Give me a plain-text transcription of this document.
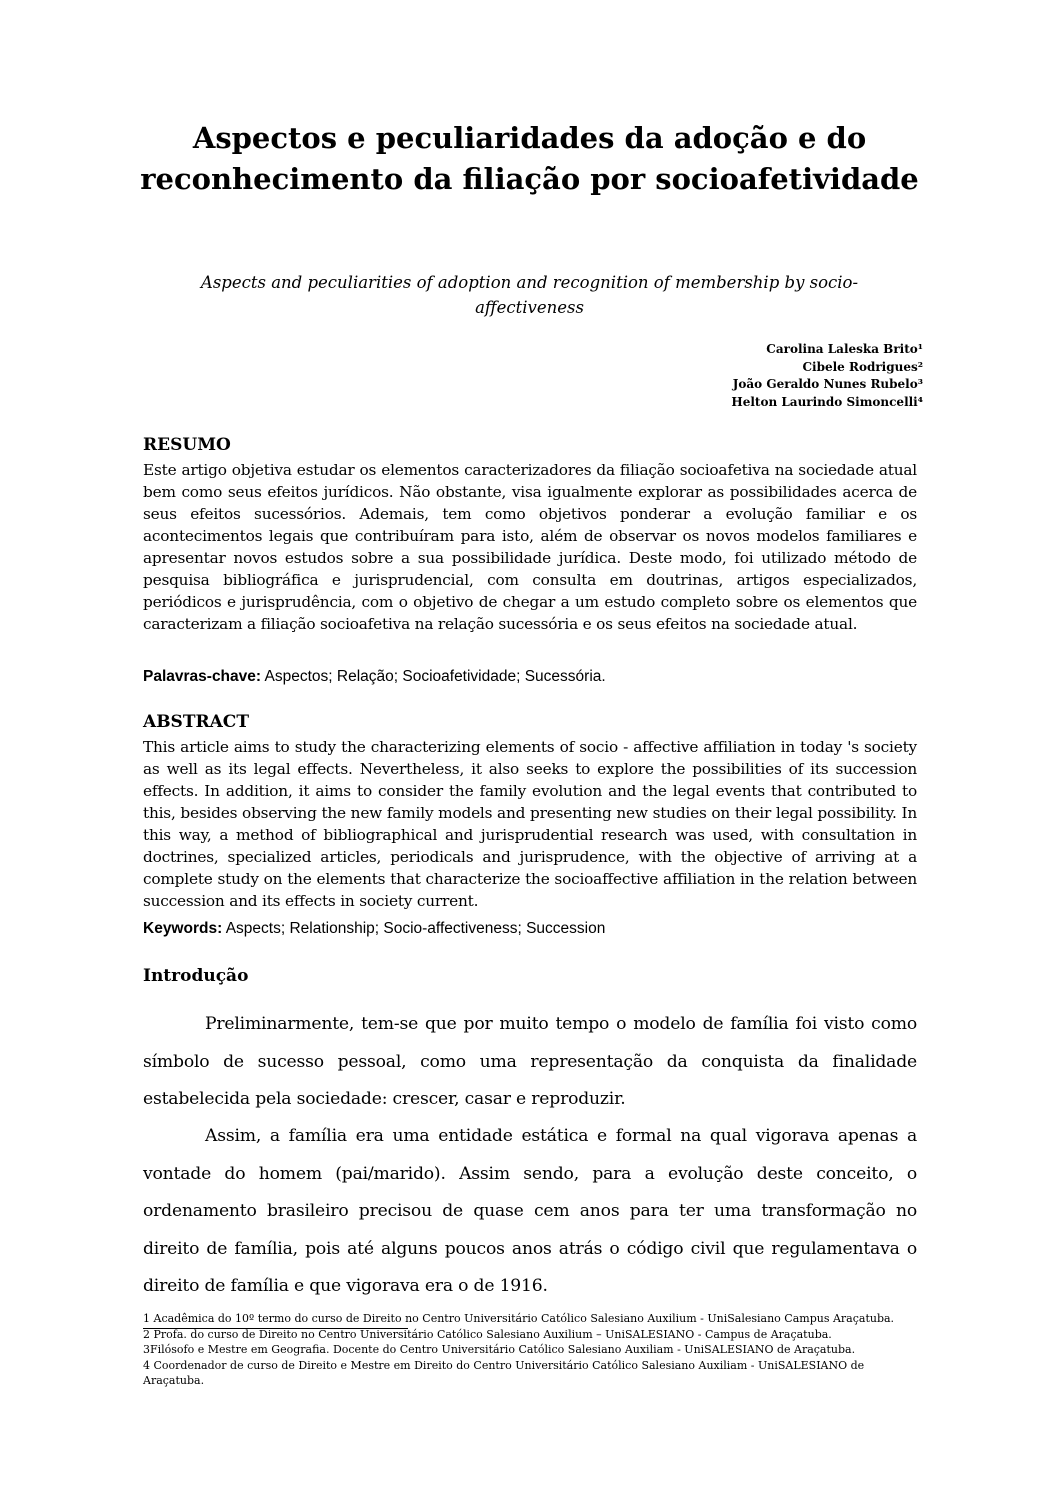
Aspectos e peculiaridades da adoção e do reconhecimento da filiação por socioafetividade

Aspects and peculiarities of adoption and recognition of membership by socio-affectiveness

Carolina Laleska Brito¹
Cibele Rodrigues²
João Geraldo Nunes Rubelo³
Helton Laurindo Simoncelli⁴
RESUMO

Este artigo objetiva estudar os elementos caracterizadores da filiação socioafetiva na sociedade atual bem como seus efeitos jurídicos. Não obstante, visa igualmente explorar as possibilidades acerca de seus efeitos sucessórios. Ademais, tem como objetivos ponderar a evolução familiar e os acontecimentos legais que contribuíram para isto, além de observar os novos modelos familiares e apresentar novos estudos sobre a sua possibilidade jurídica. Deste modo, foi utilizado método de pesquisa bibliográfica e jurisprudencial, com consulta em doutrinas, artigos especializados, periódicos e jurisprudência, com o objetivo de chegar a um estudo completo sobre os elementos que caracterizam a filiação socioafetiva na relação sucessória e os seus efeitos na sociedade atual.

Palavras-chave: Aspectos; Relação; Socioafetividade; Sucessória.

ABSTRACT

This article aims to study the characterizing elements of socio - affective affiliation in today 's society as well as its legal effects. Nevertheless, it also seeks to explore the possibilities of its succession effects. In addition, it aims to consider the family evolution and the legal events that contributed to this, besides observing the new family models and presenting new studies on their legal possibility. In this way, a method of bibliographical and jurisprudential research was used, with consultation in doctrines, specialized articles, periodicals and jurisprudence, with the objective of arriving at a complete study on the elements that characterize the socioaffective affiliation in the relation between succession and its effects in society current.

Keywords: Aspects; Relationship; Socio-affectiveness; Succession

Introdução

Preliminarmente, tem-se que por muito tempo o modelo de família foi visto como símbolo de sucesso pessoal, como uma representação da conquista da finalidade estabelecida pela sociedade: crescer, casar e reproduzir.

Assim, a família era uma entidade estática e formal na qual vigorava apenas a vontade do homem (pai/marido). Assim sendo, para a evolução deste conceito, o ordenamento brasileiro precisou de quase cem anos para ter uma transformação no direito de família, pois até alguns poucos anos atrás o código civil que regulamentava o direito de família e que vigorava era o de 1916.

1 Acadêmica do 10º termo do curso de Direito no Centro Universitário Católico Salesiano Auxilium - UniSalesiano Campus Araçatuba.
2 Profa. do curso de Direito no Centro Universitário Católico Salesiano Auxilium – UniSALESIANO - Campus de Araçatuba.
3Filósofo e Mestre em Geografia. Docente do Centro Universitário Católico Salesiano Auxiliam - UniSALESIANO de Araçatuba.
4 Coordenador de curso de Direito e Mestre em Direito do Centro Universitário Católico Salesiano Auxiliam - UniSALESIANO de Araçatuba.
